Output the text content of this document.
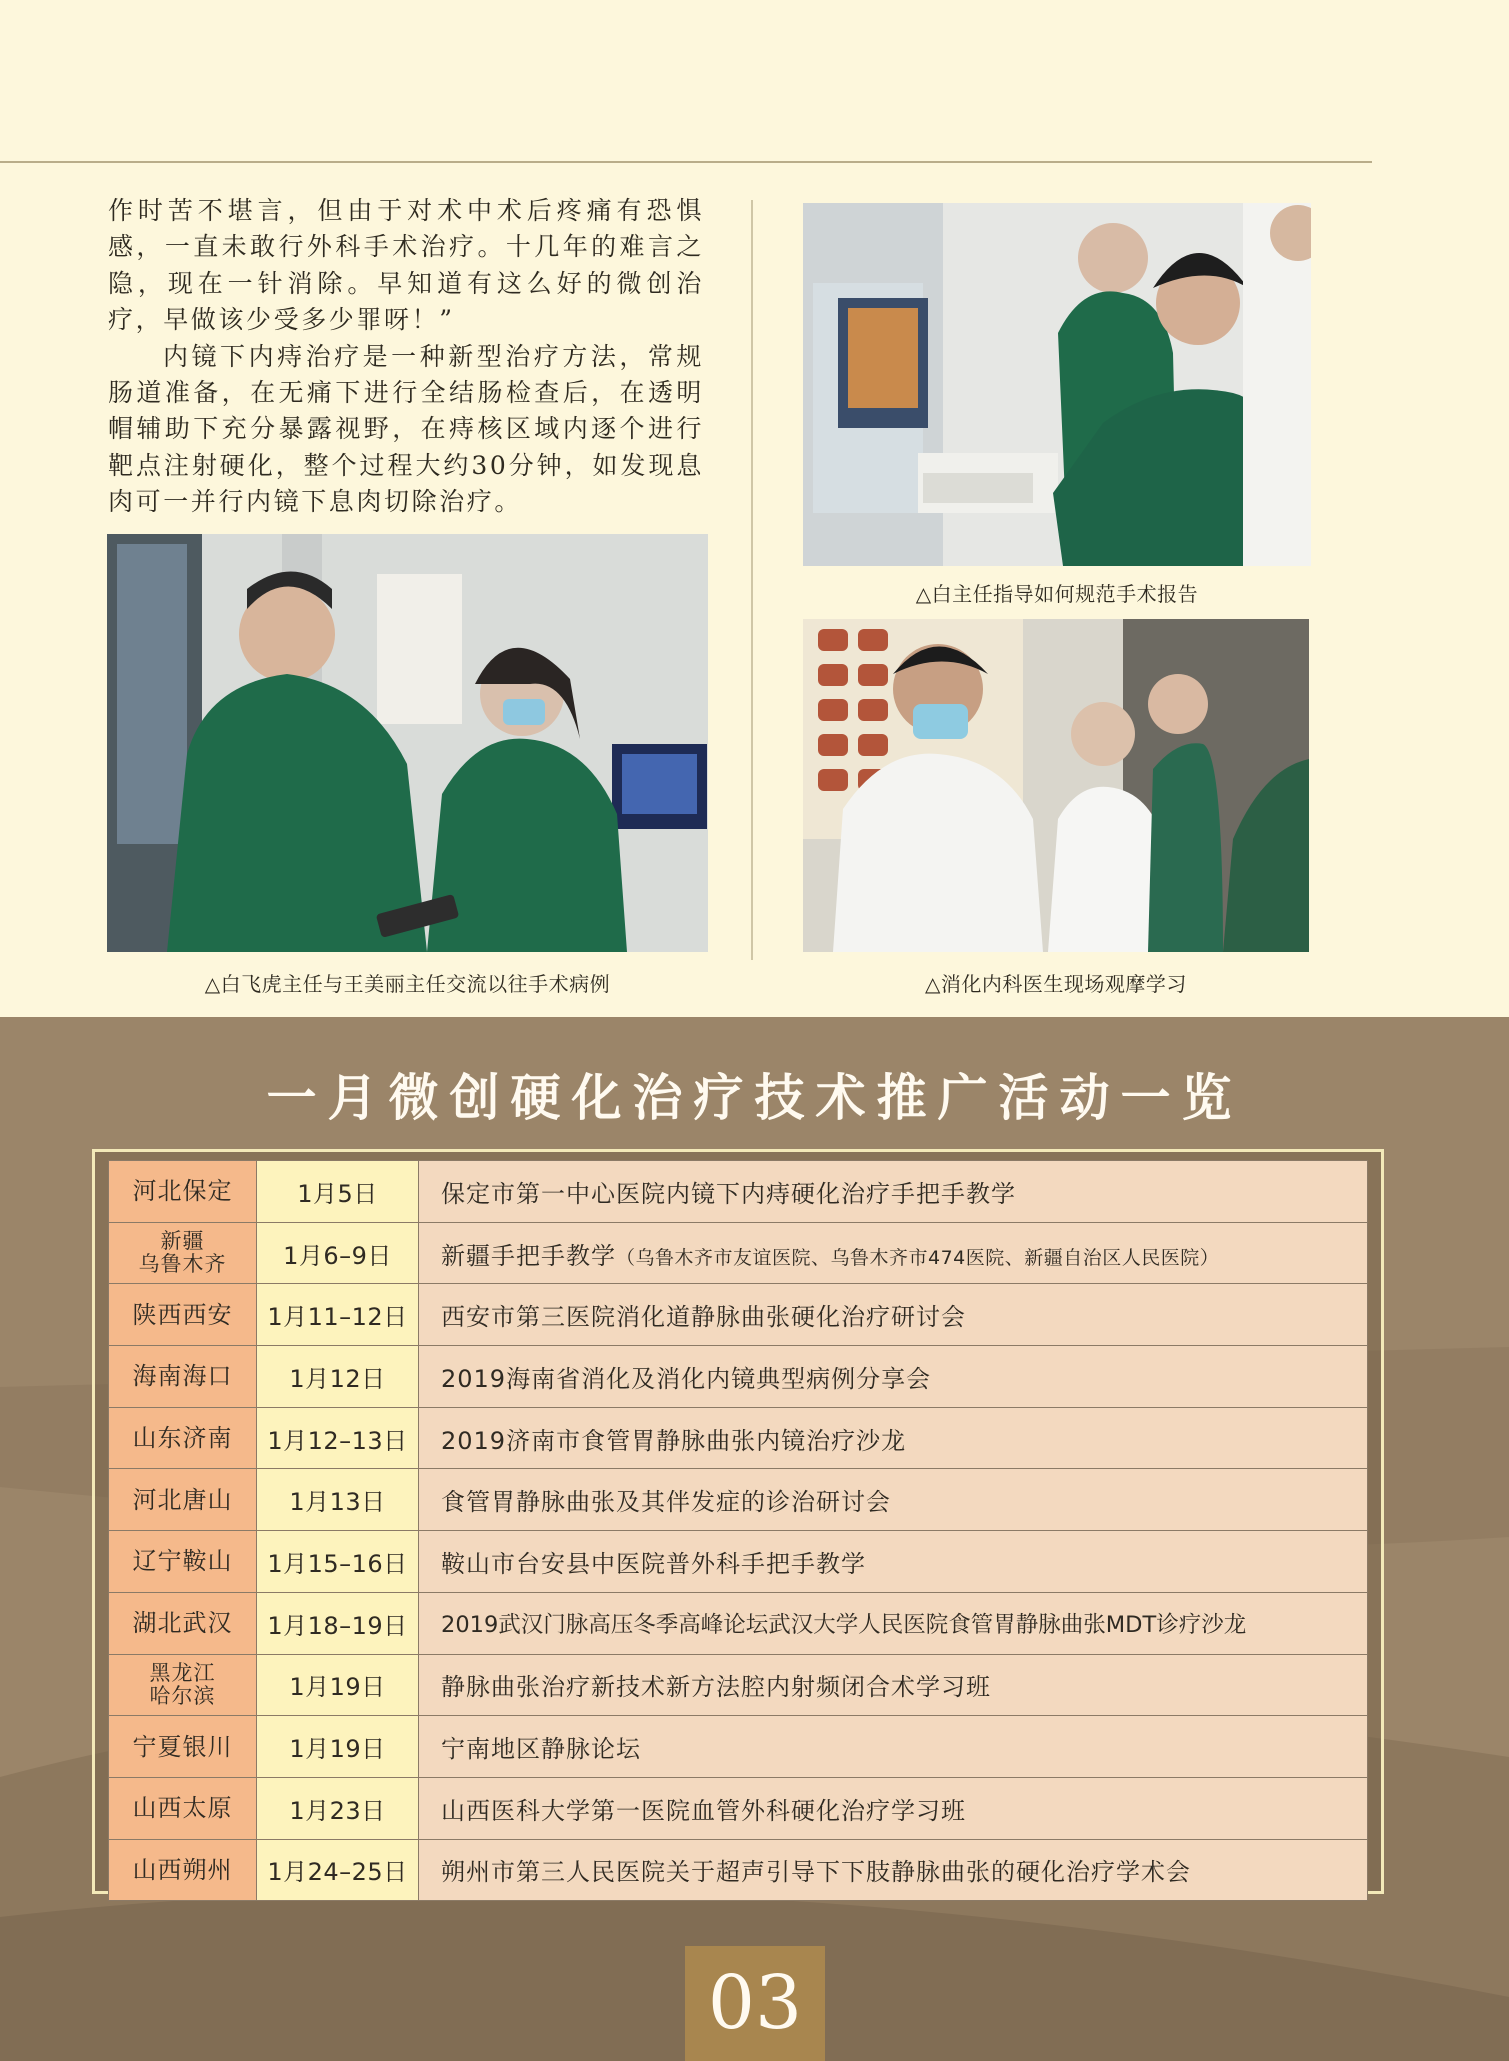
作时苦不堪言，但由于对术中术后疼痛有恐惧感，一直未敢行外科手术治疗。十几年的难言之隐，现在一针消除。早知道有这么好的微创治疗，早做该少受多少罪呀！”

内镜下内痔治疗是一种新型治疗方法，常规肠道准备，在无痛下进行全结肠检查后，在透明帽辅助下充分暴露视野，在痔核区域内逐个进行靶点注射硬化，整个过程大约30分钟，如发现息肉可一并行内镜下息肉切除治疗。

△白飞虎主任与王美丽主任交流以往手术病例
△白主任指导如何规范手术报告
△消化内科医生现场观摩学习
一月微创硬化治疗技术推广活动一览
河北保定	1月5日	保定市第一中心医院内镜下内痔硬化治疗手把手教学
新疆
乌鲁木齐	1月6–9日	新疆手把手教学（乌鲁木齐市友谊医院、乌鲁木齐市474医院、新疆自治区人民医院）
陕西西安	1月11–12日	西安市第三医院消化道静脉曲张硬化治疗研讨会
海南海口	1月12日	2019海南省消化及消化内镜典型病例分享会
山东济南	1月12–13日	2019济南市食管胃静脉曲张内镜治疗沙龙
河北唐山	1月13日	食管胃静脉曲张及其伴发症的诊治研讨会
辽宁鞍山	1月15–16日	鞍山市台安县中医院普外科手把手教学
湖北武汉	1月18–19日	2019武汉门脉高压冬季高峰论坛武汉大学人民医院食管胃静脉曲张MDT诊疗沙龙
黑龙江
哈尔滨	1月19日	静脉曲张治疗新技术新方法腔内射频闭合术学习班
宁夏银川	1月19日	宁南地区静脉论坛
山西太原	1月23日	山西医科大学第一医院血管外科硬化治疗学习班
山西朔州	1月24–25日	朔州市第三人民医院关于超声引导下下肢静脉曲张的硬化治疗学术会
03
